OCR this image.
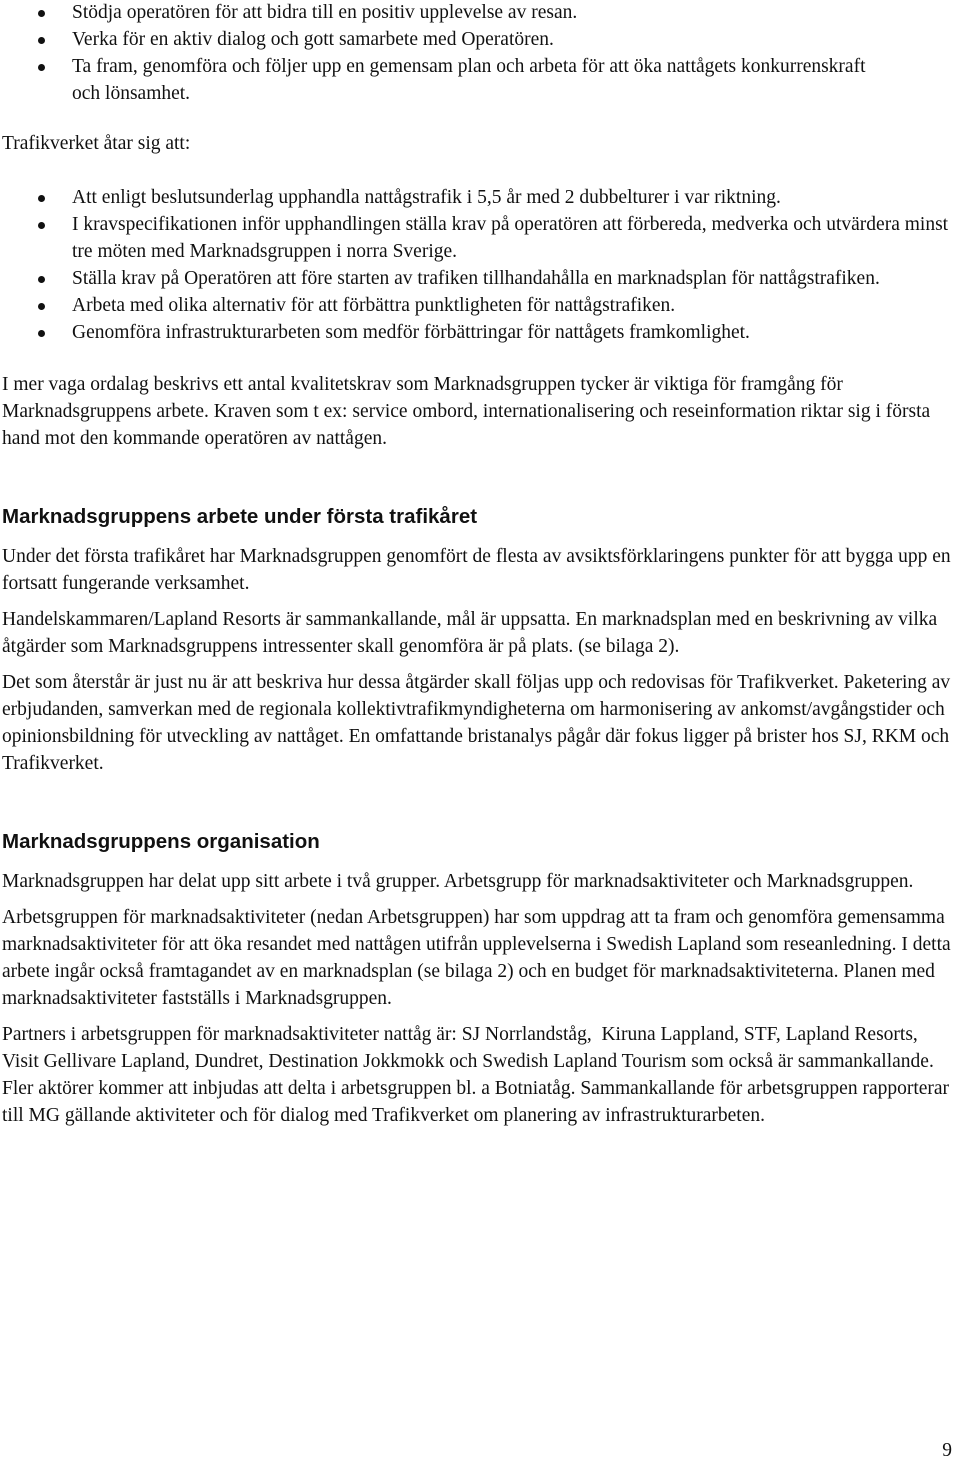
Stödja operatören för att bidra till en positiv upplevelse av resan.
Verka för en aktiv dialog och gott samarbete med Operatören.
Ta fram, genomföra och följer upp en gemensam plan och arbeta för att öka nattågets konkurrenskraft och lönsamhet.

Trafikverket åtar sig att:

Att enligt beslutsunderlag upphandla nattågstrafik i 5,5 år med 2 dubbelturer i var riktning.
I kravspecifikationen inför upphandlingen ställa krav på operatören att förbereda, medverka och utvärdera minst tre möten med Marknadsgruppen i norra Sverige.
Ställa krav på Operatören att före starten av trafiken tillhandahålla en marknadsplan för nattågstrafiken.
Arbeta med olika alternativ för att förbättra punktligheten för nattågstrafiken.
Genomföra infrastrukturarbeten som medför förbättringar för nattågets framkomlighet.

I mer vaga ordalag beskrivs ett antal kvalitetskrav som Marknadsgruppen tycker är viktiga för framgång för Marknadsgruppens arbete. Kraven som t ex: service ombord, internationalisering och reseinformation riktar sig i första hand mot den kommande operatören av nattågen.

Marknadsgruppens arbete under första trafikåret

Under det första trafikåret har Marknadsgruppen genomfört de flesta av avsiktsförklaringens punkter för att bygga upp en fortsatt fungerande verksamhet.

Handelskammaren/Lapland Resorts är sammankallande, mål är uppsatta. En marknadsplan med en beskrivning av vilka åtgärder som Marknadsgruppens intressenter skall genomföra är på plats. (se bilaga 2).

Det som återstår är just nu är att beskriva hur dessa åtgärder skall följas upp och redovisas för Trafikverket. Paketering av erbjudanden, samverkan med de regionala kollektivtrafikmyndigheterna om harmonisering av ankomst/avgångstider och opinionsbildning för utveckling av nattåget. En omfattande bristanalys pågår där fokus ligger på brister hos SJ, RKM och Trafikverket.

Marknadsgruppens organisation

Marknadsgruppen har delat upp sitt arbete i två grupper. Arbetsgrupp för marknadsaktiviteter och Marknadsgruppen.

Arbetsgruppen för marknadsaktiviteter (nedan Arbetsgruppen) har som uppdrag att ta fram och genomföra gemensamma marknadsaktiviteter för att öka resandet med nattågen utifrån upplevelserna i Swedish Lapland som reseanledning. I detta arbete ingår också framtagandet av en marknadsplan (se bilaga 2) och en budget för marknadsaktiviteterna. Planen med marknadsaktiviteter fastställs i Marknadsgruppen.

Partners i arbetsgruppen för marknadsaktiviteter nattåg är: SJ Norrlandståg,  Kiruna Lappland, STF, Lapland Resorts, Visit Gellivare Lapland, Dundret, Destination Jokkmokk och Swedish Lapland Tourism som också är sammankallande.  Fler aktörer kommer att inbjudas att delta i arbetsgruppen bl. a Botniatåg. Sammankallande för arbetsgruppen rapporterar till MG gällande aktiviteter och för dialog med Trafikverket om planering av infrastrukturarbeten.

9
